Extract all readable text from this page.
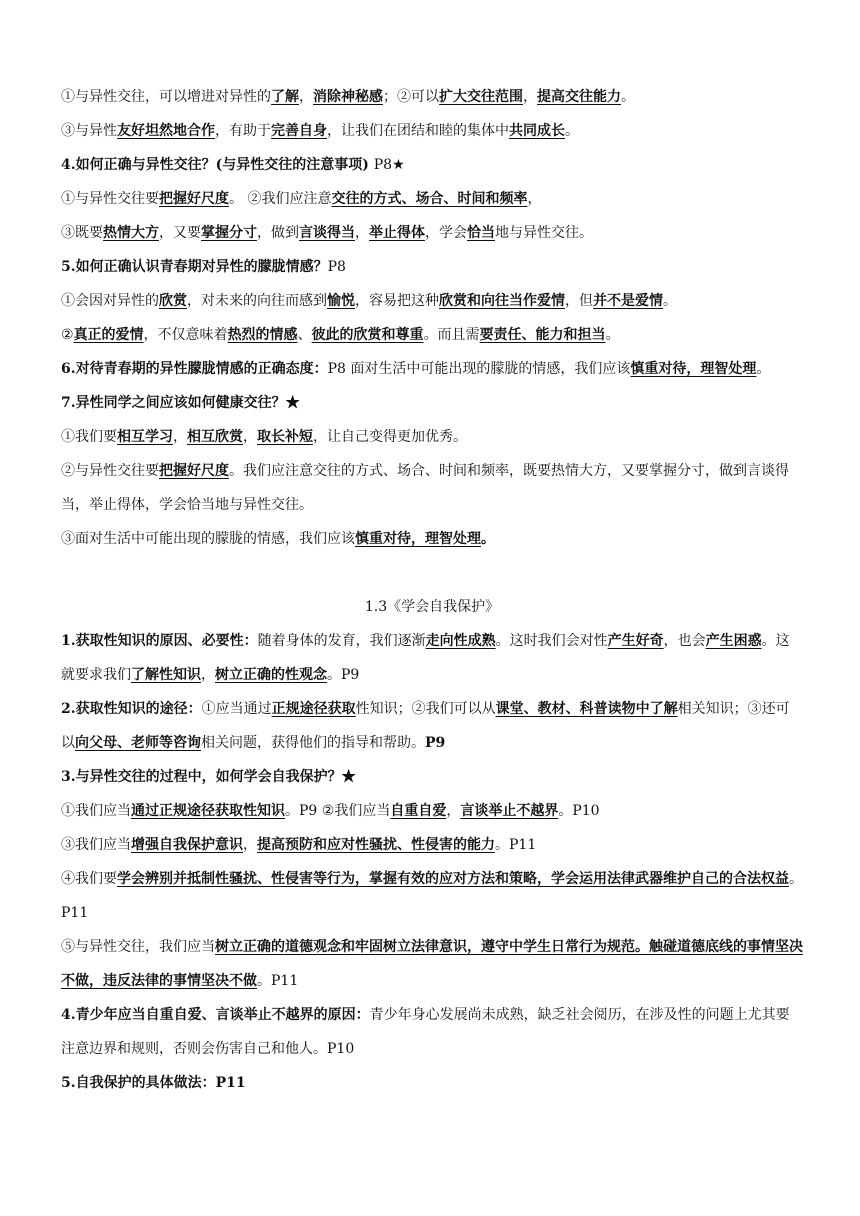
①与异性交往，可以增进对异性的了解，消除神秘感；②可以扩大交往范围，提高交往能力。
③与异性友好坦然地合作，有助于完善自身，让我们在团结和睦的集体中共同成长。
4.如何正确与异性交往？(与异性交往的注意事项) P8★
①与异性交往要把握好尺度。 ②我们应注意交往的方式、场合、时间和频率，
③既要热情大方，又要掌握分寸，做到言谈得当，举止得体，学会恰当地与异性交往。
5.如何正确认识青春期对异性的朦胧情感？P8
①会因对异性的欣赏，对未来的向往而感到愉悦，容易把这种欣赏和向往当作爱情，但并不是爱情。
②真正的爱情，不仅意味着热烈的情感、彼此的欣赏和尊重。而且需要责任、能力和担当。
6.对待青春期的异性朦胧情感的正确态度：P8 面对生活中可能出现的朦胧的情感，我们应该慎重对待，理智处理。
7.异性同学之间应该如何健康交往？★
①我们要相互学习，相互欣赏，取长补短，让自己变得更加优秀。
②与异性交往要把握好尺度。我们应注意交往的方式、场合、时间和频率，既要热情大方，又要掌握分寸，做到言谈得当，举止得体，学会恰当地与异性交往。
③面对生活中可能出现的朦胧的情感，我们应该慎重对待，理智处理。
1.3《学会自我保护》
1.获取性知识的原因、必要性：随着身体的发育，我们逐渐走向性成熟。这时我们会对性产生好奇，也会产生困惑。这就要求我们了解性知识，树立正确的性观念。P9
2.获取性知识的途径：①应当通过正规途径获取性知识；②我们可以从课堂、教材、科普读物中了解相关知识；③还可以向父母、老师等咨询相关问题，获得他们的指导和帮助。P9
3.与异性交往的过程中，如何学会自我保护？★
①我们应当通过正规途径获取性知识。P9 ②我们应当自重自爱，言谈举止不越界。P10
③我们应当增强自我保护意识，提高预防和应对性骚扰、性侵害的能力。P11
④我们要学会辨别并抵制性骚扰、性侵害等行为，掌握有效的应对方法和策略，学会运用法律武器维护自己的合法权益。P11
⑤与异性交往，我们应当树立正确的道德观念和牢固树立法律意识，遵守中学生日常行为规范。触碰道德底线的事情坚决不做，违反法律的事情坚决不做。P11
4.青少年应当自重自爱、言谈举止不越界的原因：青少年身心发展尚未成熟，缺乏社会阅历，在涉及性的问题上尤其要注意边界和规则，否则会伤害自己和他人。P10
5.自我保护的具体做法：P11
